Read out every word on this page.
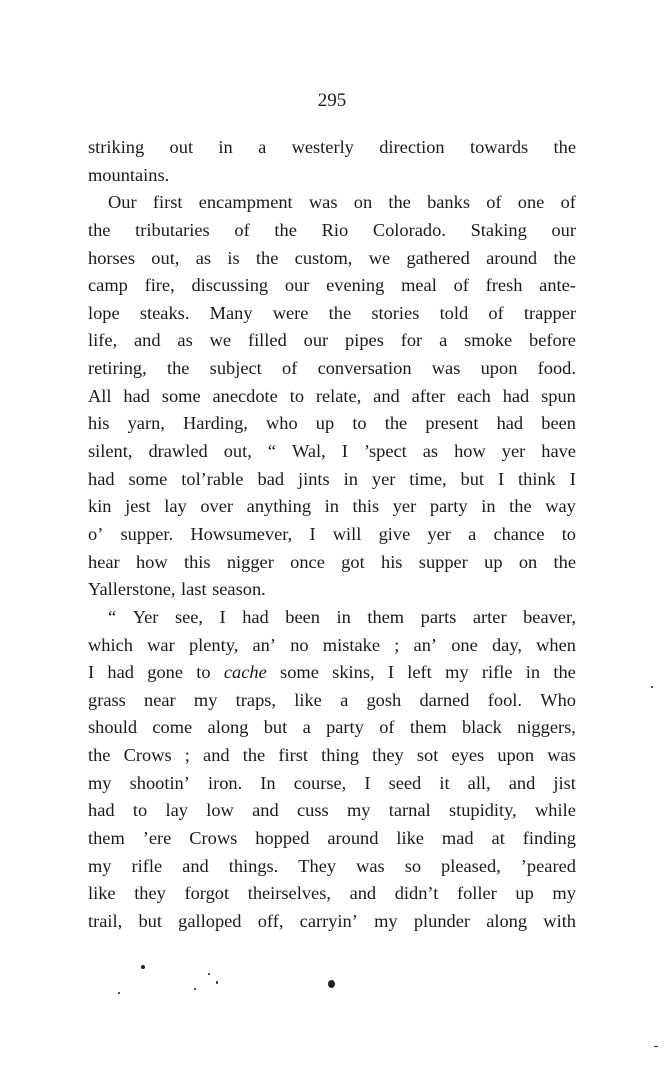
295
striking out in a westerly direction towards the
mountains.
Our first encampment was on the banks of one of
the tributaries of the Rio Colorado. Staking our
horses out, as is the custom, we gathered around the
camp fire, discussing our evening meal of fresh ante-
lope steaks. Many were the stories told of trapper
life, and as we filled our pipes for a smoke before
retiring, the subject of conversation was upon food.
All had some anecdote to relate, and after each had spun
his yarn, Harding, who up to the present had been
silent, drawled out, “ Wal, I ’spect as how yer have
had some tol’rable bad jints in yer time, but I think I
kin jest lay over anything in this yer party in the way
o’ supper. Howsumever, I will give yer a chance to
hear how this nigger once got his supper up on the
Yallerstone, last season.
“ Yer see, I had been in them parts arter beaver,
which war plenty, an’ no mistake ; an’ one day, when
I had gone to cache some skins, I left my rifle in the
grass near my traps, like a gosh darned fool. Who
should come along but a party of them black niggers,
the Crows ; and the first thing they sot eyes upon was
my shootin’ iron. In course, I seed it all, and jist
had to lay low and cuss my tarnal stupidity, while
them ’ere Crows hopped around like mad at finding
my rifle and things. They was so pleased, ’peared
like they forgot theirselves, and didn’t foller up my
trail, but galloped off, carryin’ my plunder along with
